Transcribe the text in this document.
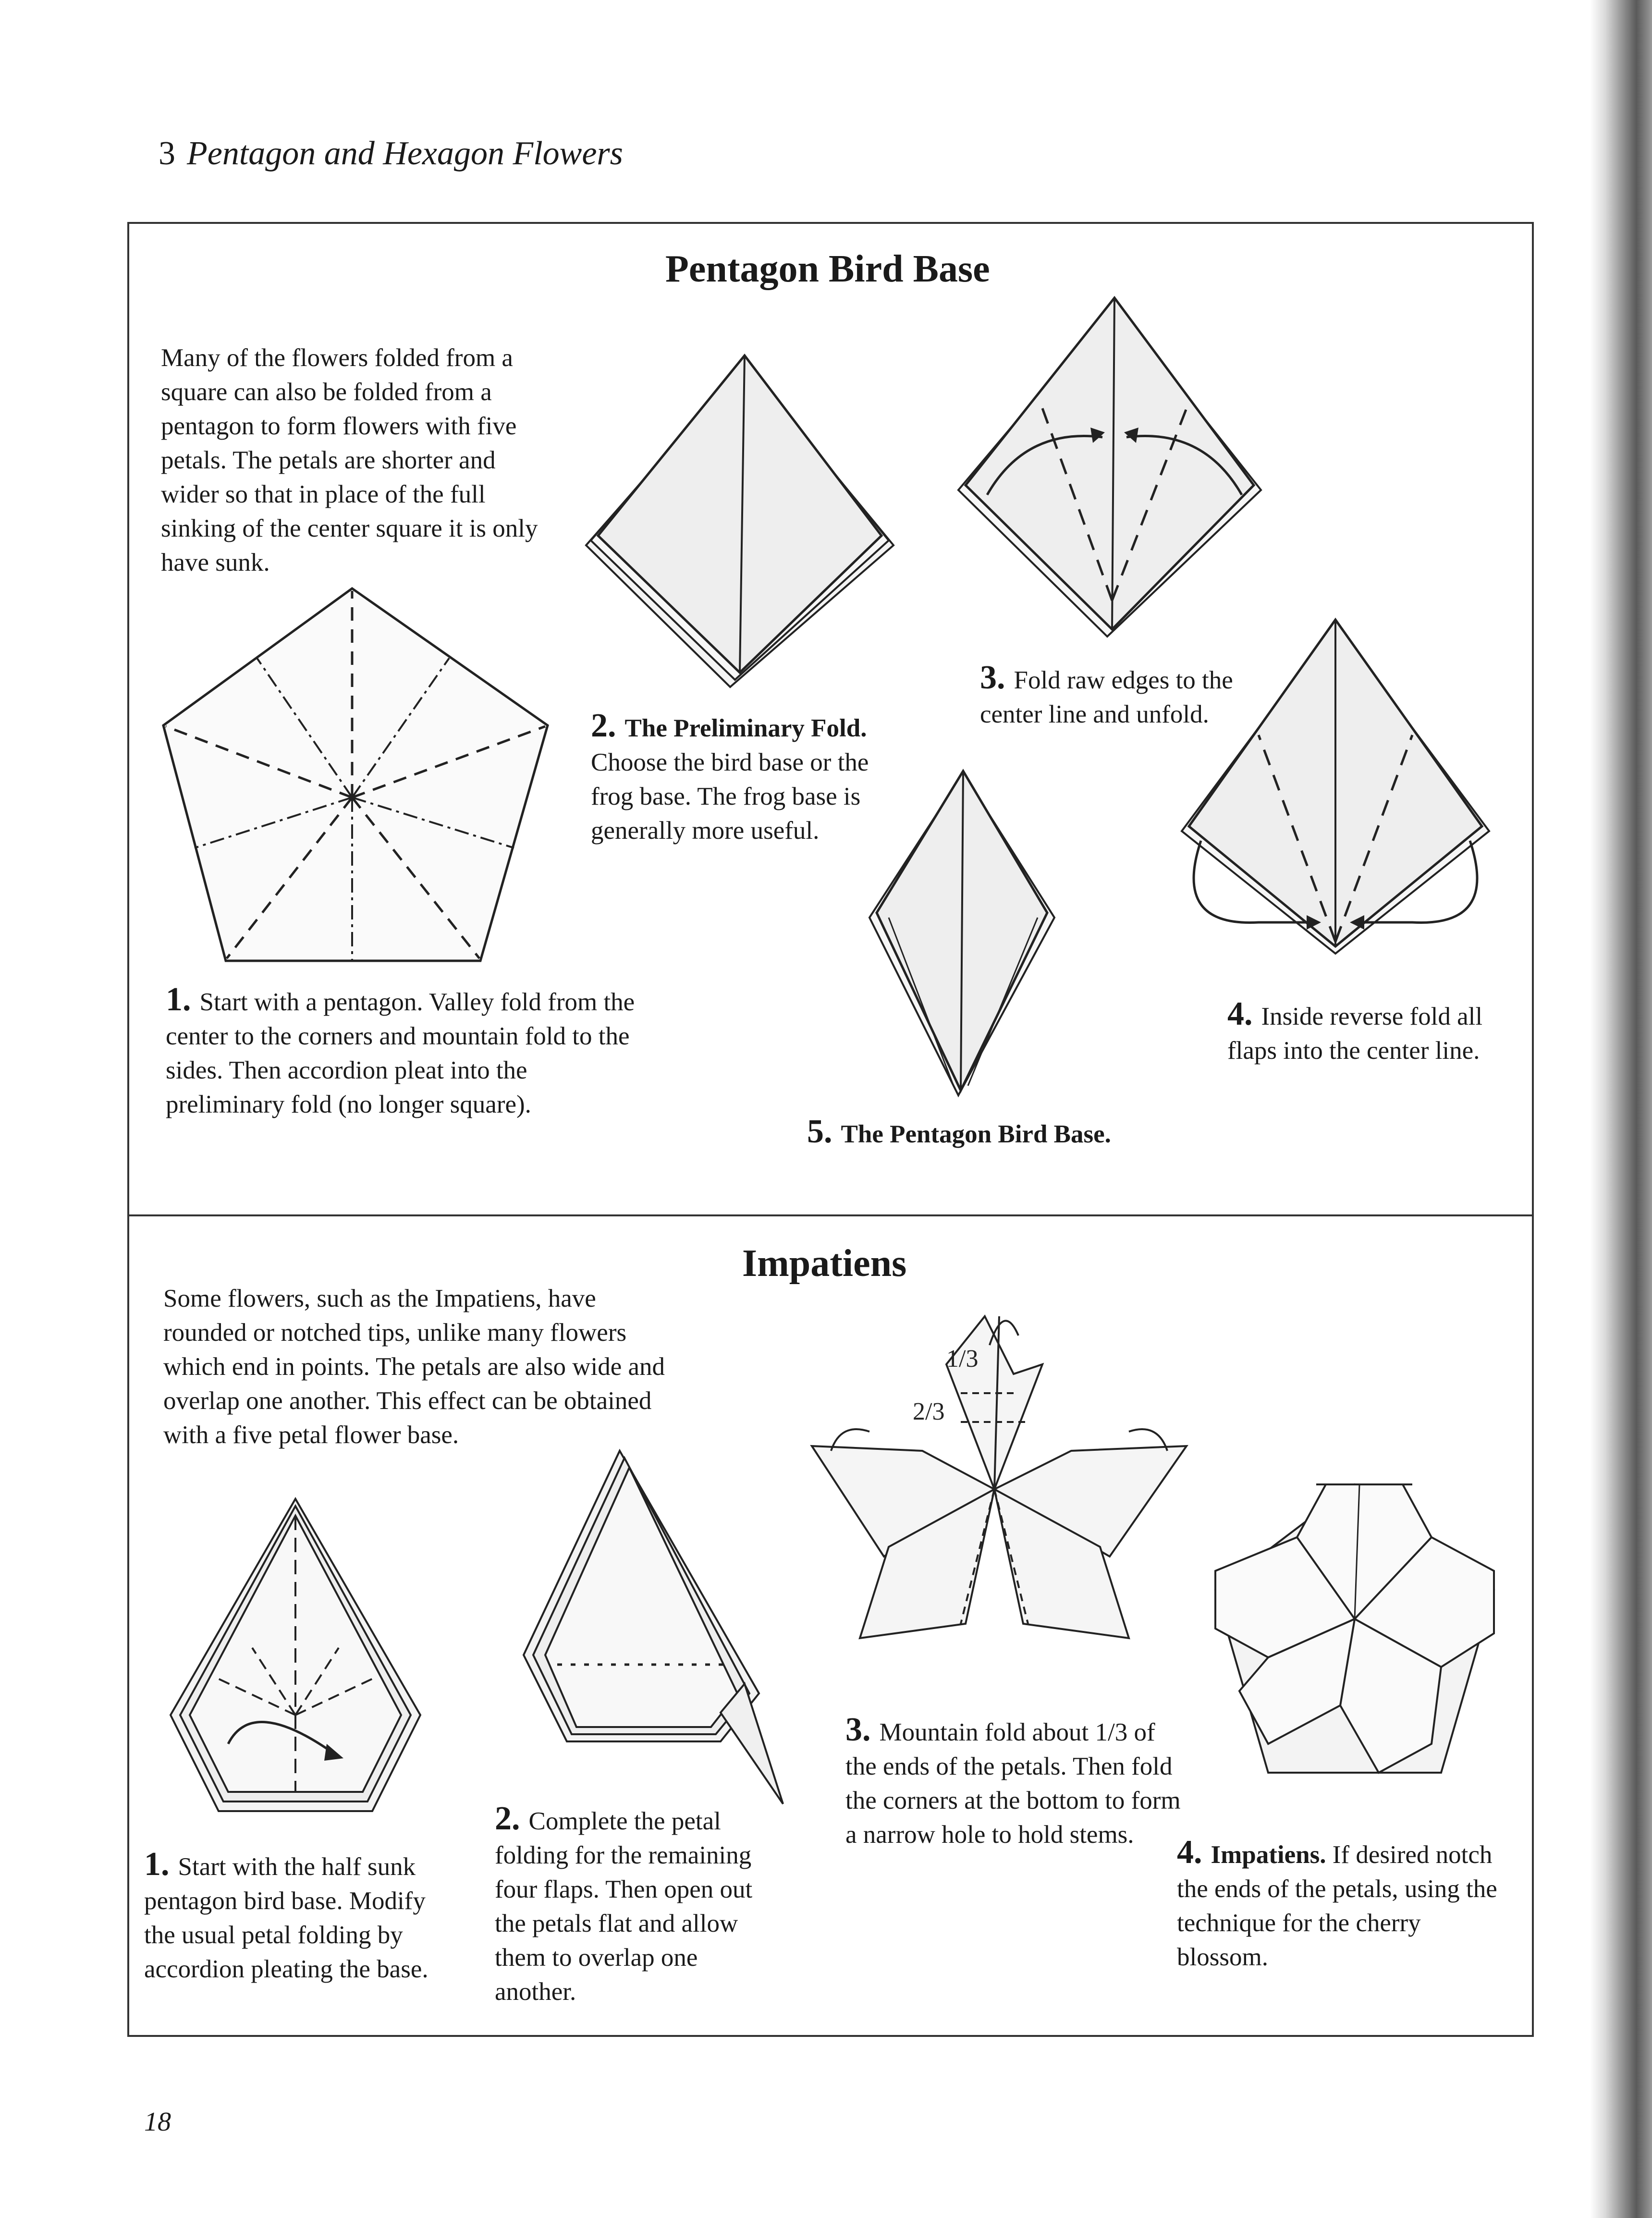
3 Pentagon and Hexagon Flowers
Pentagon Bird Base
Many of the flowers folded from a square can also be folded from a pentagon to form flowers with five petals. The petals are shorter and wider so that in place of the full sinking of the center square it is only have sunk.
1. Start with a pentagon. Valley fold from the center to the corners and mountain fold to the sides. Then accordion pleat into the preliminary fold (no longer square).
2. The Preliminary Fold. Choose the bird base or the frog base. The frog base is generally more useful.
3. Fold raw edges to the center line and unfold.
4. Inside reverse fold all flaps into the center line.
5. The Pentagon Bird Base.
Impatiens
Some flowers, such as the Impatiens, have rounded or notched tips, unlike many flowers which end in points. The petals are also wide and overlap one another. This effect can be obtained with a five petal flower base.
1. Start with the half sunk pentagon bird base. Modify the usual petal folding by accordion pleating the base.
2. Complete the petal folding for the remaining four flaps. Then open out the petals flat and allow them to overlap one another.
1/3
2/3
3. Mountain fold about 1/3 of the ends of the petals. Then fold the corners at the bottom to form a narrow hole to hold stems.	4. Impatiens. If desired notch the ends of the petals, using the technique for the cherry blossom.
18
